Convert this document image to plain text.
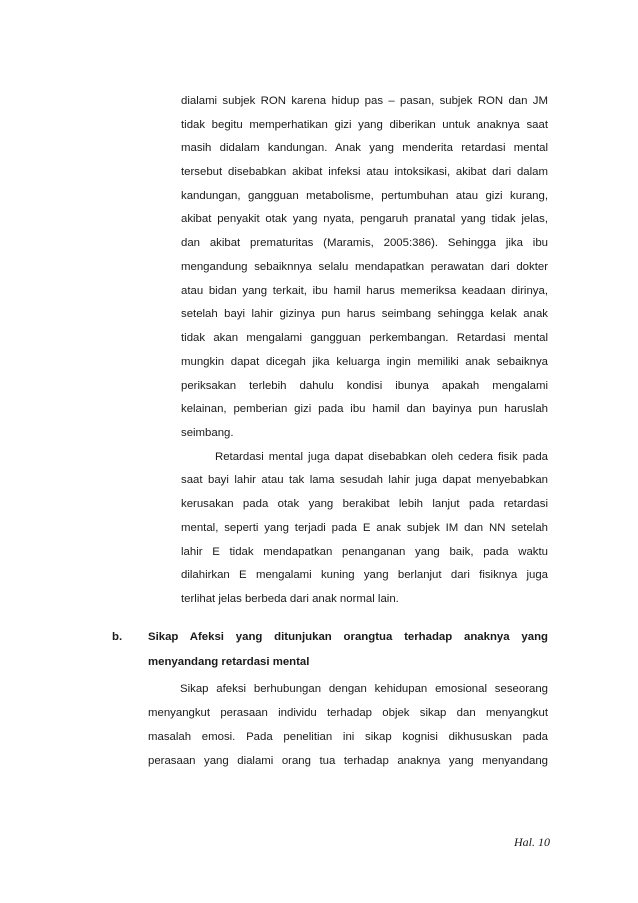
dialami subjek RON karena hidup pas – pasan, subjek RON dan JM
tidak begitu memperhatikan gizi yang diberikan untuk anaknya saat
masih didalam kandungan. Anak yang menderita retardasi mental
tersebut disebabkan akibat infeksi atau intoksikasi, akibat dari dalam
kandungan, gangguan metabolisme, pertumbuhan atau gizi kurang,
akibat penyakit otak yang nyata, pengaruh pranatal yang tidak jelas,
dan akibat prematuritas (Maramis, 2005:386). Sehingga jika ibu
mengandung sebaiknnya selalu mendapatkan perawatan dari dokter
atau bidan yang terkait, ibu hamil harus memeriksa keadaan dirinya,
setelah bayi lahir gizinya pun harus seimbang sehingga kelak anak
tidak akan mengalami gangguan perkembangan. Retardasi mental
mungkin dapat dicegah jika keluarga ingin memiliki anak sebaiknya
periksakan terlebih dahulu kondisi ibunya apakah mengalami
kelainan, pemberian gizi pada ibu hamil dan bayinya pun haruslah
seimbang.
Retardasi mental juga dapat disebabkan oleh cedera fisik pada
saat bayi lahir atau tak lama sesudah lahir juga dapat menyebabkan
kerusakan pada otak yang berakibat lebih lanjut pada retardasi
mental, seperti yang terjadi pada E anak subjek IM dan NN setelah
lahir E tidak mendapatkan penanganan yang baik, pada waktu
dilahirkan E mengalami kuning yang berlanjut dari fisiknya juga
terlihat jelas berbeda dari anak normal lain.
b. Sikap Afeksi yang ditunjukan orangtua terhadap anaknya yang
menyandang retardasi mental
Sikap afeksi berhubungan dengan kehidupan emosional seseorang
menyangkut perasaan individu terhadap objek sikap dan menyangkut
masalah emosi. Pada penelitian ini sikap kognisi dikhususkan pada
perasaan yang dialami orang tua terhadap anaknya yang menyandang
Hal. 10
